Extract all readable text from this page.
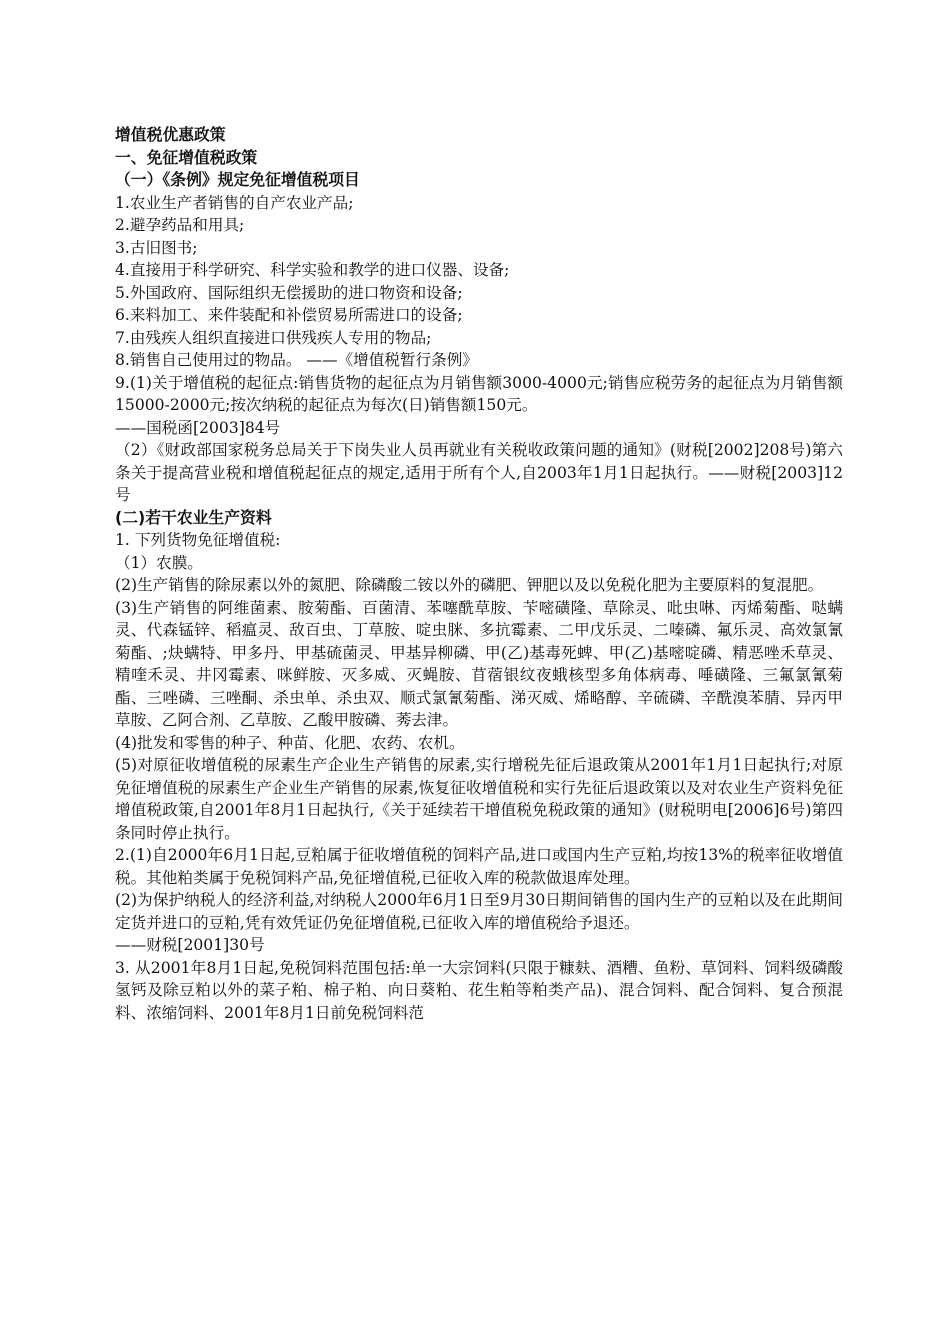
增值税优惠政策

一、免征增值税政策

（一）《条例》规定免征增值税项目

1.农业生产者销售的自产农业产品;

2.避孕药品和用具;

3.古旧图书;

4.直接用于科学研究、科学实验和教学的进口仪器、设备;

5.外国政府、国际组织无偿援助的进口物资和设备;

6.来料加工、来件装配和补偿贸易所需进口的设备;

7.由残疾人组织直接进口供残疾人专用的物品;

8.销售自己使用过的物品。 ——《增值税暂行条例》

9.(1)关于增值税的起征点:销售货物的起征点为月销售额3000-4000元;销售应税劳务的起征点为月销售额15000-2000元;按次纳税的起征点为每次(日)销售额150元。

——国税函[2003]84号

（2）《财政部国家税务总局关于下岗失业人员再就业有关税收政策问题的通知》(财税[2002]208号)第六条关于提高营业税和增值税起征点的规定,适用于所有个人,自2003年1月1日起执行。——财税[2003]12号

(二)若干农业生产资料

1. 下列货物免征增值税:

（1）农膜。

(2)生产销售的除尿素以外的氮肥、除磷酸二铵以外的磷肥、钾肥以及以免税化肥为主要原料的复混肥。

(3)生产销售的阿维菌素、胺菊酯、百菌清、苯噻酰草胺、苄嘧磺隆、草除灵、吡虫啉、丙烯菊酯、哒螨灵、代森锰锌、稻瘟灵、敌百虫、丁草胺、啶虫脒、多抗霉素、二甲戊乐灵、二嗪磷、氟乐灵、高效氯氰菊酯、;炔螨特、甲多丹、甲基硫菌灵、甲基异柳磷、甲(乙)基毒死蜱、甲(乙)基嘧啶磷、精恶唑禾草灵、精喹禾灵、井冈霉素、咪鲜胺、灭多威、灭蝇胺、苜蓿银纹夜蛾核型多角体病毒、唾磺隆、三氟氯氰菊酯、三唑磷、三唑酮、杀虫单、杀虫双、顺式氯氰菊酯、涕灭威、烯略醇、辛硫磷、辛酰溴苯腈、异丙甲草胺、乙阿合剂、乙草胺、乙酸甲胺磷、莠去津。

(4)批发和零售的种子、种苗、化肥、农药、农机。

(5)对原征收增值税的尿素生产企业生产销售的尿素,实行增税先征后退政策从2001年1月1日起执行;对原免征增值税的尿素生产企业生产销售的尿素,恢复征收增值税和实行先征后退政策以及对农业生产资料免征增值税政策,自2001年8月1日起执行,《关于延续若干增值税免税政策的通知》(财税明电[2006]6号)第四条同时停止执行。

2.(1)自2000年6月1日起,豆粕属于征收增值税的饲料产品,进口或国内生产豆粕,均按13%的税率征收增值税。其他粕类属于免税饲料产品,免征增值税,已征收入库的税款做退库处理。

(2)为保护纳税人的经济利益,对纳税人2000年6月1日至9月30日期间销售的国内生产的豆粕以及在此期间定货并进口的豆粕,凭有效凭证仍免征增值税,已征收入库的增值税给予退还。

——财税[2001]30号

3. 从2001年8月1日起,免税饲料范围包括:单一大宗饲料(只限于糠麸、酒糟、鱼粉、草饲料、饲料级磷酸氢钙及除豆粕以外的菜子粕、棉子粕、向日葵粕、花生粕等粕类产品)、混合饲料、配合饲料、复合预混料、浓缩饲料、2001年8月1日前免税饲料范
